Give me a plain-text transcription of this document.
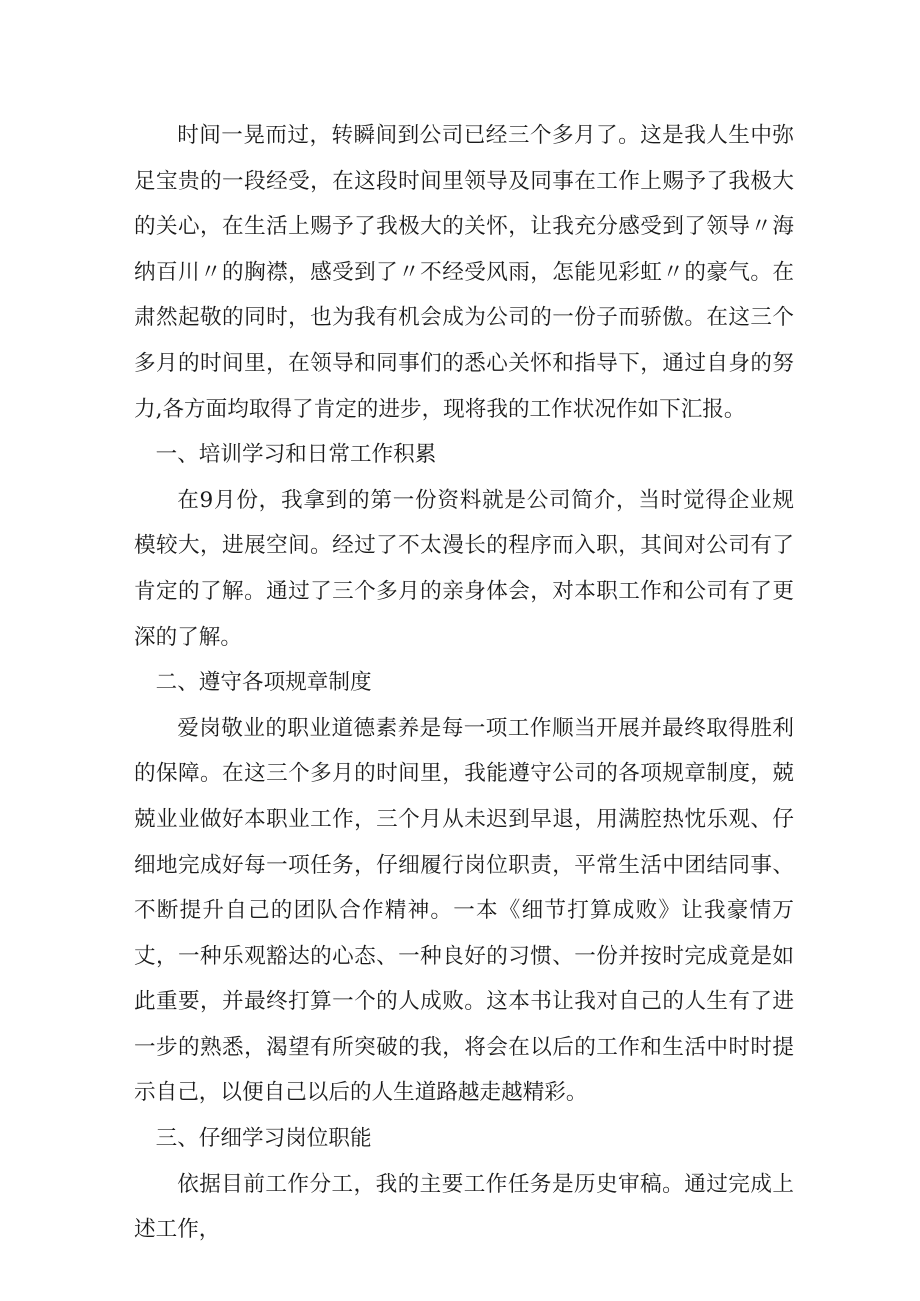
时间一晃而过，转瞬间到公司已经三个多月了。这是我人生中弥足宝贵的一段经受，在这段时间里领导及同事在工作上赐予了我极大的关心，在生活上赐予了我极大的关怀，让我充分感受到了领导〃海纳百川〃的胸襟，感受到了〃不经受风雨，怎能见彩虹〃的豪气。在肃然起敬的同时，也为我有机会成为公司的一份子而骄傲。在这三个多月的时间里，在领导和同事们的悉心关怀和指导下，通过自身的努力,各方面均取得了肯定的进步，现将我的工作状况作如下汇报。

一、培训学习和日常工作积累

在9月份，我拿到的第一份资料就是公司简介，当时觉得企业规模较大，进展空间。经过了不太漫长的程序而入职，其间对公司有了肯定的了解。通过了三个多月的亲身体会，对本职工作和公司有了更深的了解。

二、遵守各项规章制度

爱岗敬业的职业道德素养是每一项工作顺当开展并最终取得胜利的保障。在这三个多月的时间里，我能遵守公司的各项规章制度，兢兢业业做好本职业工作，三个月从未迟到早退，用满腔热忱乐观、仔细地完成好每一项任务，仔细履行岗位职责，平常生活中团结同事、不断提升自己的团队合作精神。一本《细节打算成败》让我豪情万丈，一种乐观豁达的心态、一种良好的习惯、一份并按时完成竟是如此重要，并最终打算一个的人成败。这本书让我对自己的人生有了进一步的熟悉，渴望有所突破的我，将会在以后的工作和生活中时时提示自己，以便自己以后的人生道路越走越精彩。

三、仔细学习岗位职能

依据目前工作分工，我的主要工作任务是历史审稿。通过完成上述工作，
